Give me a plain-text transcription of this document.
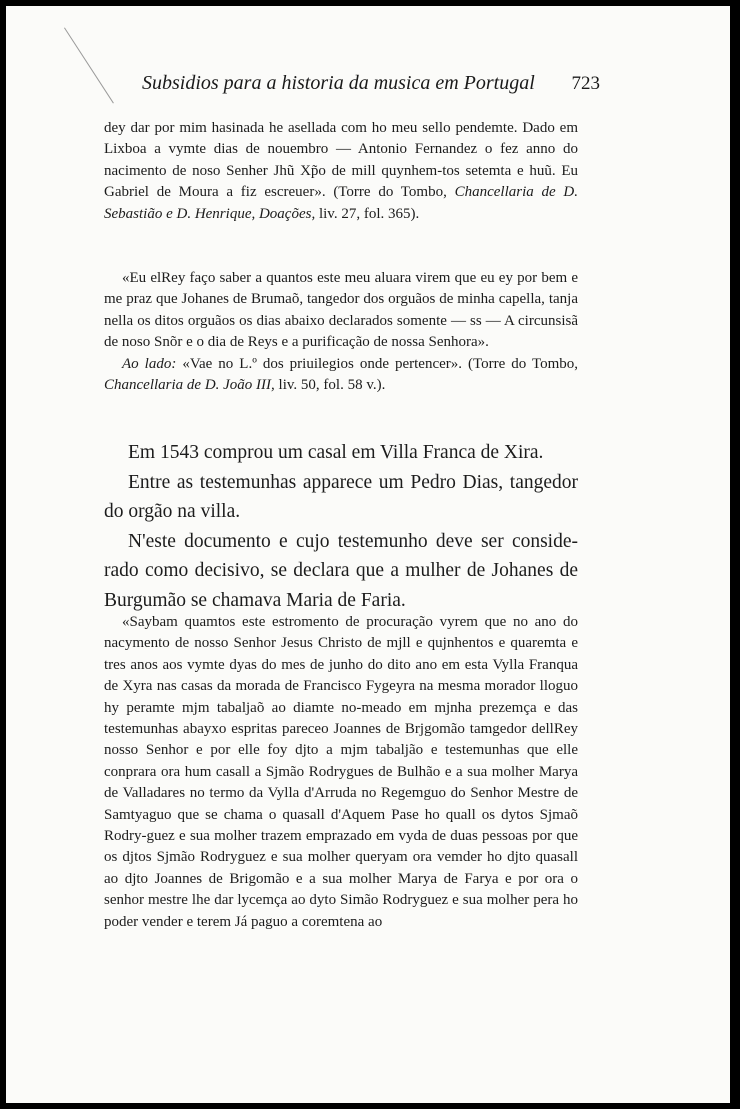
Subsidios para a historia da musica em Portugal 723

dey dar por mim hasinada he asellada com ho meu sello pendemte. Dado em Lixboa a vymte dias de nouembro — Antonio Fernandez o fez anno do nacimento de noso Senher Jhũ Xp̃o de mill quynhem-tos setemta e huũ. Eu Gabriel de Moura a fiz escreuer». (Torre do Tombo, Chancellaria de D. Sebastião e D. Henrique, Doações, liv. 27, fol. 365).

«Eu elRey faço saber a quantos este meu aluara virem que eu ey por bem e me praz que Johanes de Brumaõ, tangedor dos orguãos de minha capella, tanja nella os ditos orguãos os dias abaixo declarados somente — ss — A circunsisã de noso Snõr e o dia de Reys e a purificação de nossa Senhora».

Ao lado: «Vae no L.º dos priuilegios onde pertencer». (Torre do Tombo, Chancellaria de D. João III, liv. 50, fol. 58 v.).

Em 1543 comprou um casal em Villa Franca de Xira.

Entre as testemunhas apparece um Pedro Dias, tangedor do orgão na villa.

N'este documento e cujo testemunho deve ser conside-rado como decisivo, se declara que a mulher de Johanes de Burgumão se chamava Maria de Faria.

«Saybam quamtos este estromento de procuração vyrem que no ano do nacymento de nosso Senhor Jesus Christo de mjll e qujnhentos e quaremta e tres anos aos vymte dyas do mes de junho do dito ano em esta Vylla Franqua de Xyra nas casas da morada de Francisco Fygeyra na mesma morador lloguo hy peramte mjm tabaljaõ ao diamte no-meado em mjnha prezemça e das testemunhas abayxo espritas pareceo Joannes de Brjgomão tamgedor dellRey nosso Senhor e por elle foy djto a mjm tabaljão e testemunhas que elle conprara ora hum casall a Sjmão Rodrygues de Bulhão e a sua molher Marya de Valladares no termo da Vylla d'Arruda no Regemguo do Senhor Mestre de Samtyaguo que se chama o quasall d'Aquem Pase ho quall os dytos Sjmaõ Rodry-guez e sua molher trazem emprazado em vyda de duas pessoas por que os djtos Sjmão Rodryguez e sua molher queryam ora vemder ho djto quasall ao djto Joannes de Brigomão e a sua molher Marya de Farya e por ora o senhor mestre lhe dar lycemça ao dyto Simão Rodryguez e sua molher pera ho poder vender e terem Já paguo a coremtena ao
